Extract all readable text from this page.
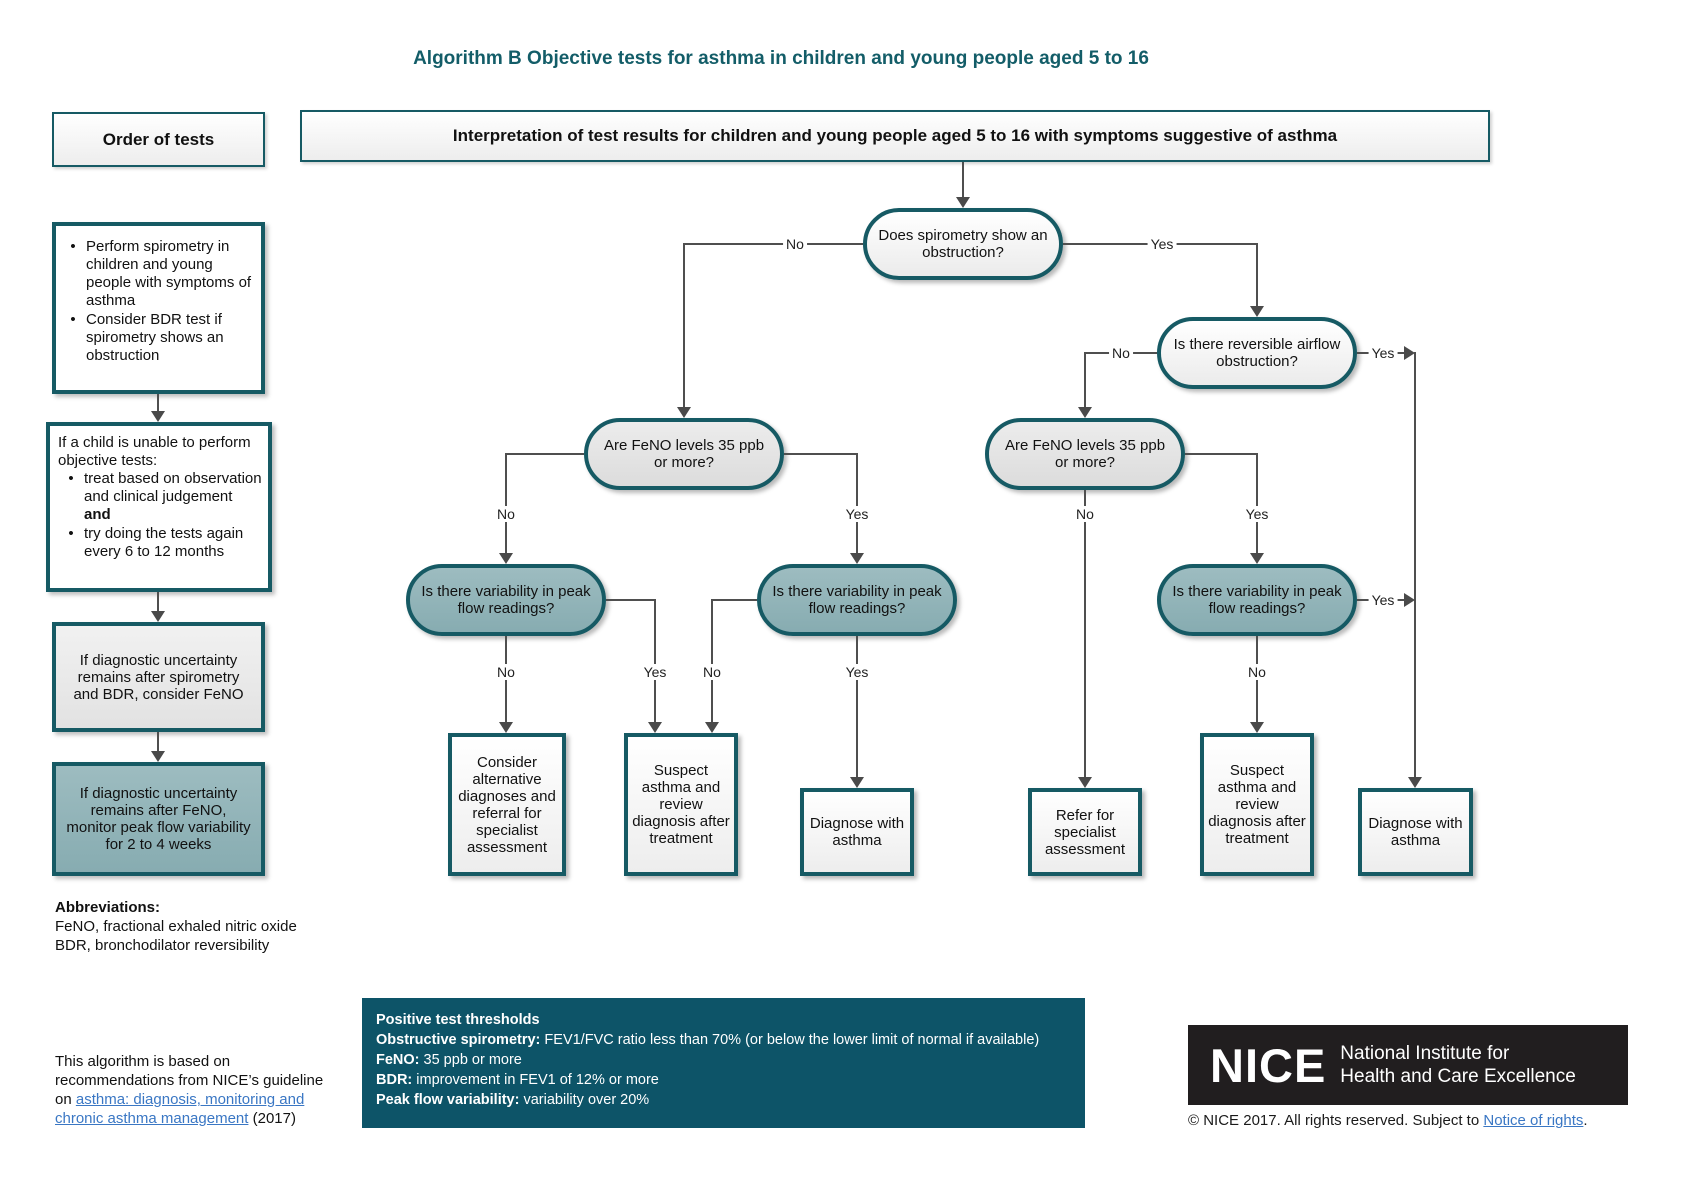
Algorithm B Objective tests for asthma in children and young people aged 5 to 16
Order of tests	Interpretation of test results for children and young people aged 5 to 16 with symptoms suggestive of asthma
• Perform spirometry in children and young people with symptoms of asthma
• Consider BDR test if spirometry shows an obstruction
If a child is unable to perform objective tests:
• treat based on observation and clinical judgement and
• try doing the tests again every 6 to 12 months
If diagnostic uncertainty remains after spirometry and BDR, consider FeNO
If diagnostic uncertainty remains after FeNO, monitor peak flow variability for 2 to 4 weeks
Abbreviations:
FeNO, fractional exhaled nitric oxide
BDR, bronchodilator reversibility
This algorithm is based on recommendations from NICE’s guideline on asthma: diagnosis, monitoring and chronic asthma management (2017)
Does spirometry show an obstruction?
Is there reversible airflow obstruction?
Are FeNO levels 35 ppb or more?
Are FeNO levels 35 ppb or more?
Is there variability in peak flow readings?
Is there variability in peak flow readings?
Is there variability in peak flow readings?
No	Yes
No	Yes
No	Yes	No	Yes
No	Yes	No	Yes	No
Yes
Consider alternative diagnoses and referral for specialist assessment
Suspect asthma and review diagnosis after treatment
Diagnose with asthma
Refer for specialist assessment
Suspect asthma and review diagnosis after treatment
Diagnose with asthma
Positive test thresholds
Obstructive spirometry: FEV1/FVC ratio less than 70% (or below the lower limit of normal if available)
FeNO: 35 ppb or more
BDR: improvement in FEV1 of 12% or more
Peak flow variability: variability over 20%
NICE National Institute for
Health and Care Excellence
© NICE 2017. All rights reserved. Subject to Notice of rights.
